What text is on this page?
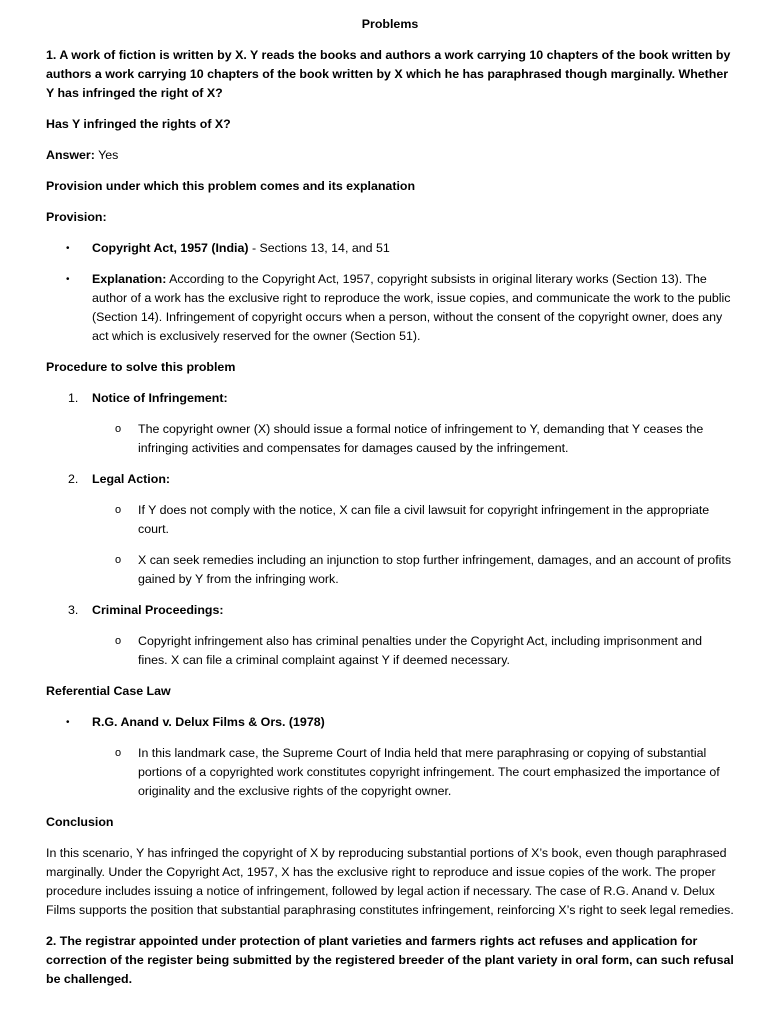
Problems
1. A work of fiction is written by X. Y reads the books and authors a work carrying 10 chapters of the book written by authors a work carrying 10 chapters of the book written by X which he has paraphrased though marginally. Whether Y has infringed the right of X?
Has Y infringed the rights of X?

Answer: Yes

Provision under which this problem comes and its explanation
Provision:
• Copyright Act, 1957 (India) - Sections 13, 14, and 51
• Explanation: According to the Copyright Act, 1957, copyright subsists in original literary works (Section 13). The author of a work has the exclusive right to reproduce the work, issue copies, and communicate the work to the public (Section 14). Infringement of copyright occurs when a person, without the consent of the copyright owner, does any act which is exclusively reserved for the owner (Section 51).
Procedure to solve this problem
1. Notice of Infringement:
o The copyright owner (X) should issue a formal notice of infringement to Y, demanding that Y ceases the infringing activities and compensates for damages caused by the infringement.
2. Legal Action:
o If Y does not comply with the notice, X can file a civil lawsuit for copyright infringement in the appropriate court.
o X can seek remedies including an injunction to stop further infringement, damages, and an account of profits gained by Y from the infringing work.
3. Criminal Proceedings:
o Copyright infringement also has criminal penalties under the Copyright Act, including imprisonment and fines. X can file a criminal complaint against Y if deemed necessary.
Referential Case Law
• R.G. Anand v. Delux Films & Ors. (1978)
o In this landmark case, the Supreme Court of India held that mere paraphrasing or copying of substantial portions of a copyrighted work constitutes copyright infringement. The court emphasized the importance of originality and the exclusive rights of the copyright owner.
Conclusion

In this scenario, Y has infringed the copyright of X by reproducing substantial portions of X’s book, even though paraphrased marginally. Under the Copyright Act, 1957, X has the exclusive right to reproduce and issue copies of the work. The proper procedure includes issuing a notice of infringement, followed by legal action if necessary. The case of R.G. Anand v. Delux Films supports the position that substantial paraphrasing constitutes infringement, reinforcing X’s right to seek legal remedies.

2. The registrar appointed under protection of plant varieties and farmers rights act refuses and application for correction of the register being submitted by the registered breeder of the plant variety in oral form, can such refusal be challenged.
